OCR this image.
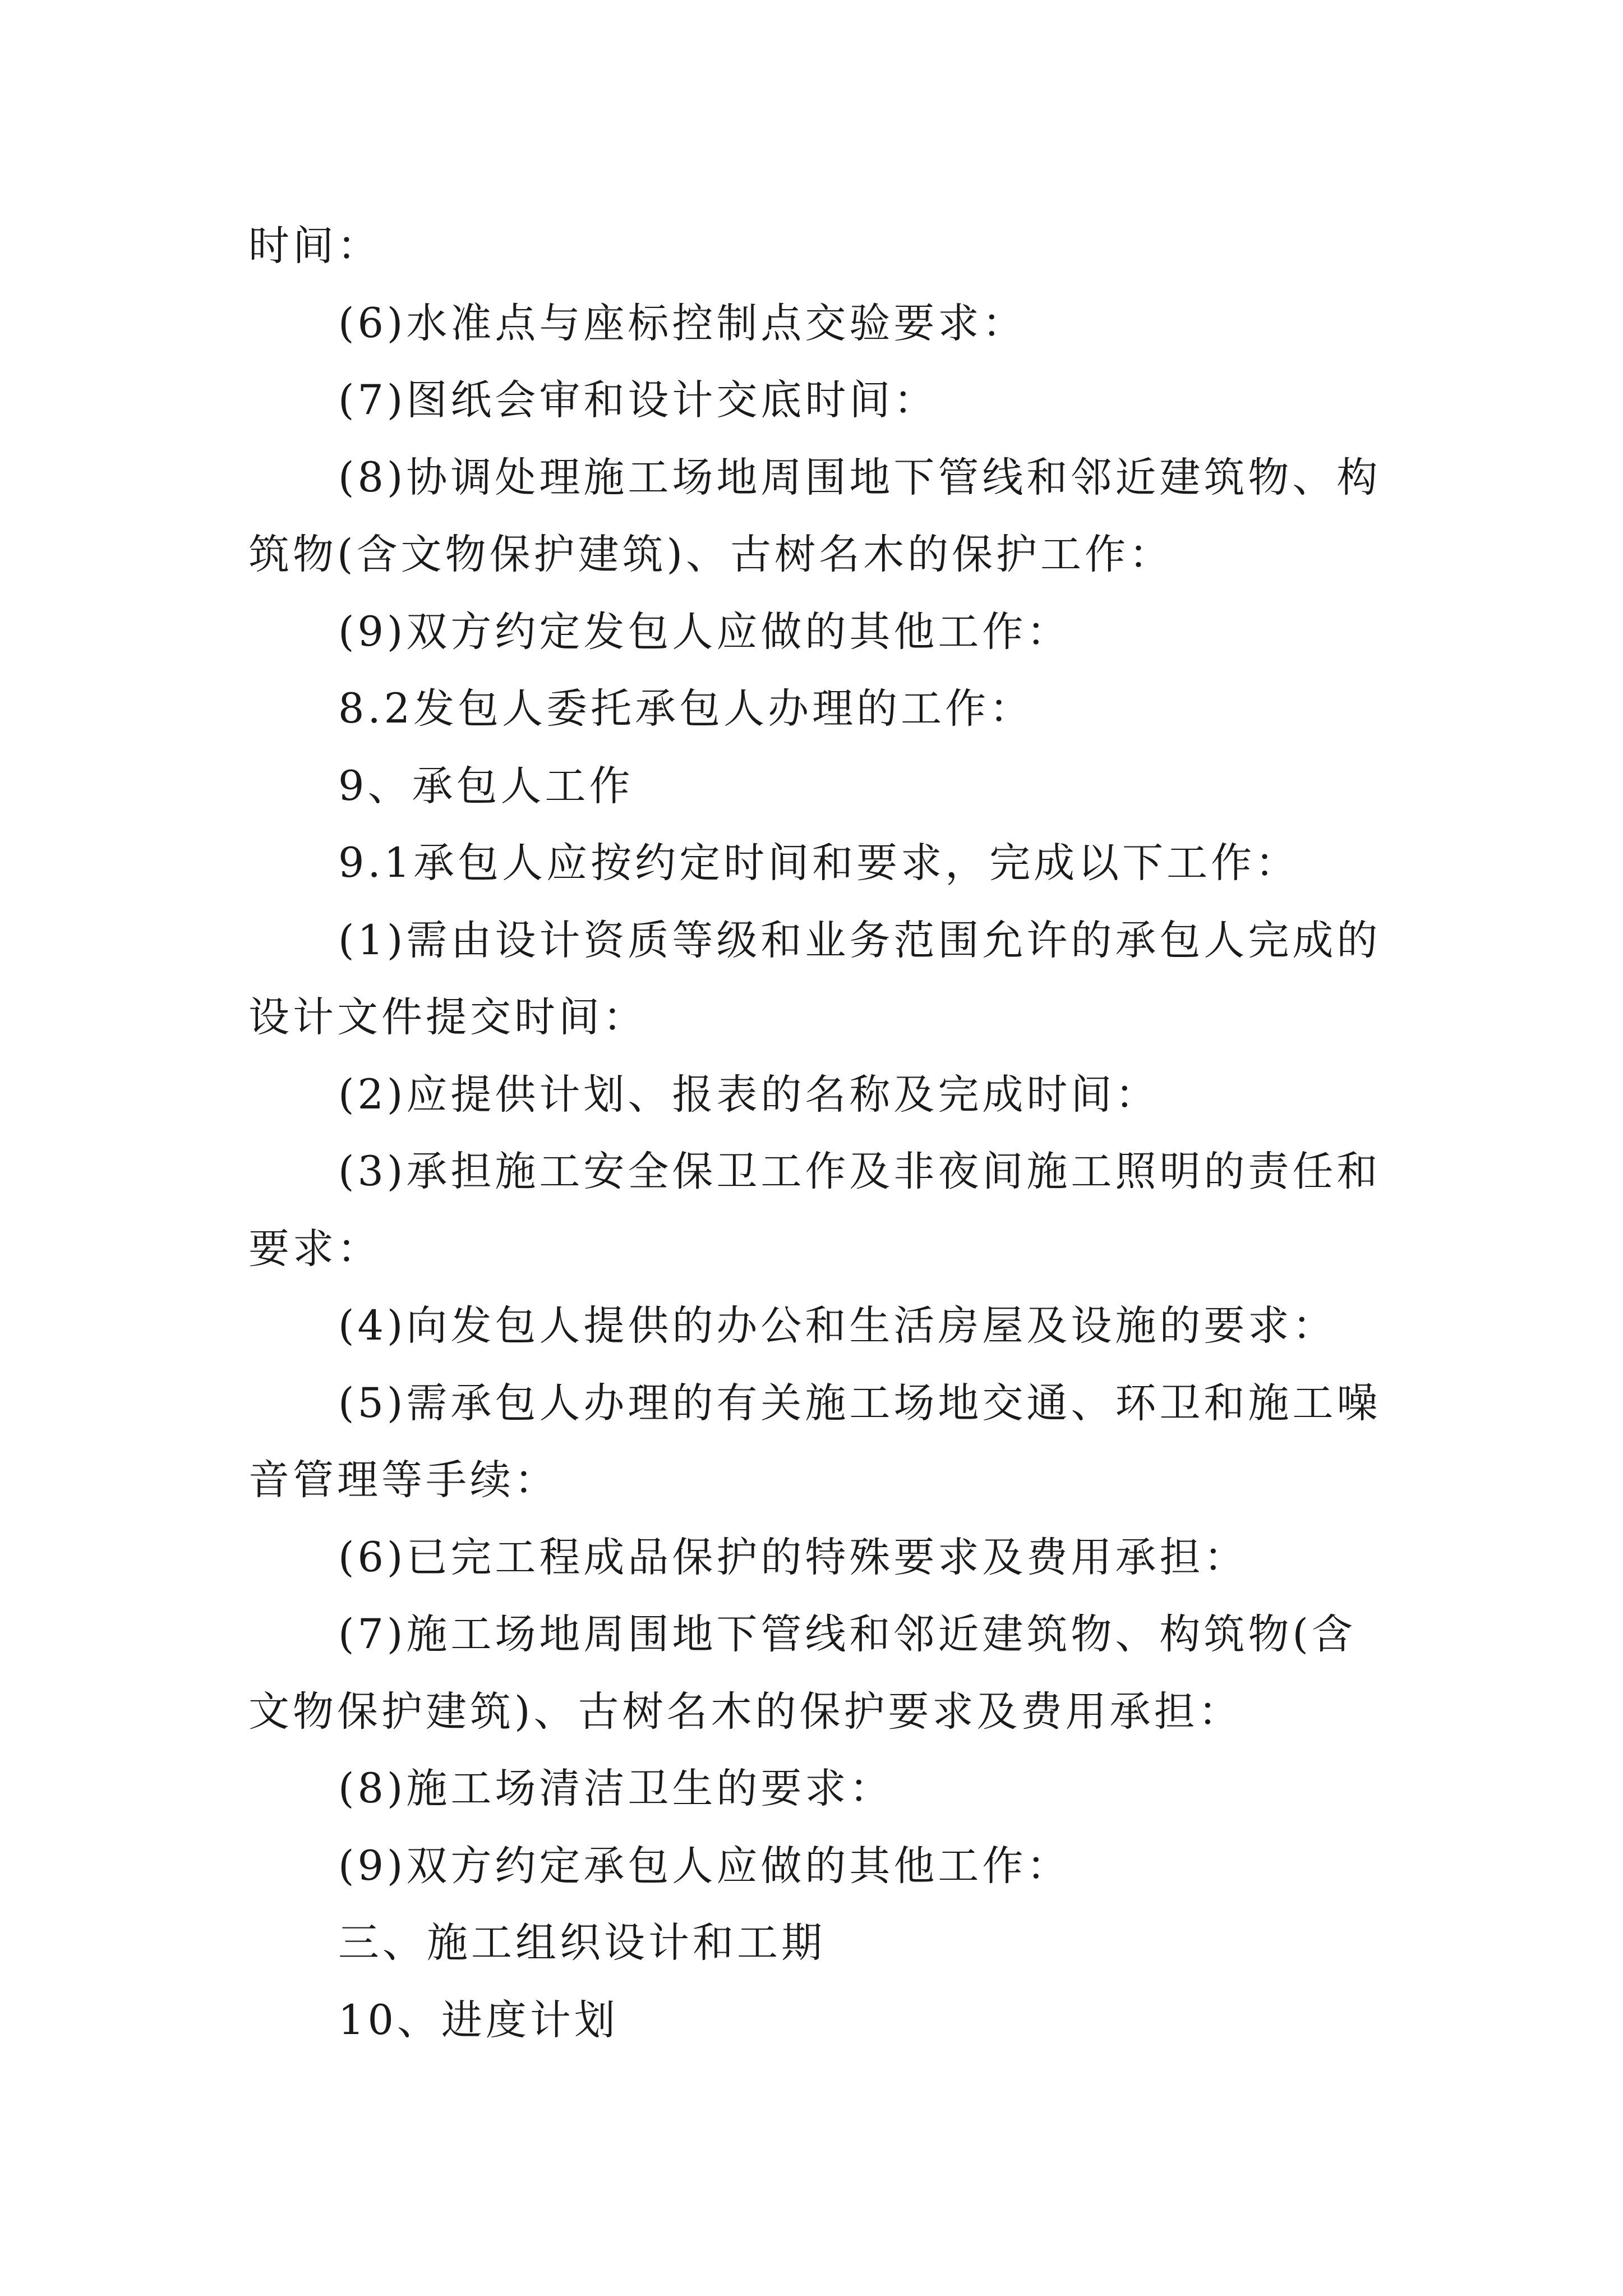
时间：

(6)水准点与座标控制点交验要求：

(7)图纸会审和设计交底时间：

(8)协调处理施工场地周围地下管线和邻近建筑物、构筑物(含文物保护建筑)、古树名木的保护工作：

(9)双方约定发包人应做的其他工作：

8.2发包人委托承包人办理的工作：

9、承包人工作

9.1承包人应按约定时间和要求，完成以下工作：

(1)需由设计资质等级和业务范围允许的承包人完成的设计文件提交时间：

(2)应提供计划、报表的名称及完成时间：

(3)承担施工安全保卫工作及非夜间施工照明的责任和要求：

(4)向发包人提供的办公和生活房屋及设施的要求：

(5)需承包人办理的有关施工场地交通、环卫和施工噪音管理等手续：

(6)已完工程成品保护的特殊要求及费用承担：

(7)施工场地周围地下管线和邻近建筑物、构筑物(含文物保护建筑)、古树名木的保护要求及费用承担：

(8)施工场清洁卫生的要求：

(9)双方约定承包人应做的其他工作：

三、施工组织设计和工期

10、进度计划
